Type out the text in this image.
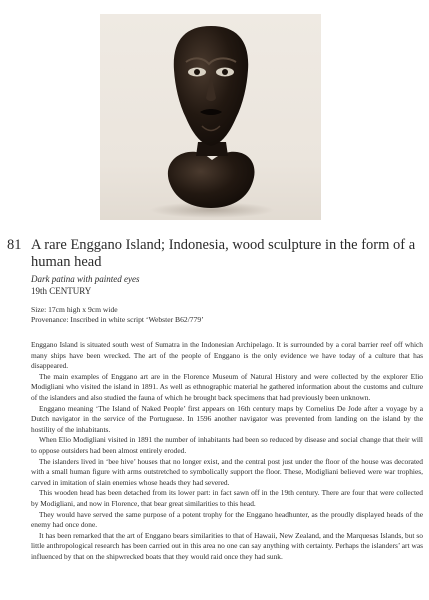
81 A rare Enggano Island; Indonesia, wood sculpture in the form of a
human head
Dark patina with painted eyes
19th CENTURY
Size: 17cm high x 9cm wide
Provenance: Inscribed in white script ‘Webster B62/779’

Enggano Island is situated south west of Sumatra in the Indonesian Archipelago. It is surrounded by a coral barrier reef off which many ships have been wrecked. The art of the people of Enggano is the only evidence we have today of a culture that has disappeared.

The main examples of Enggano art are in the Florence Museum of Natural History and were collected by the explorer Elio Modigliani who visited the island in 1891. As well as ethnographic material he gathered information about the customs and culture of the islanders and also studied the fauna of which he brought back specimens that had previously been unknown.

Enggano meaning ‘The Island of Naked People’ first appears on 16th century maps by Cornelius De Jode after a voyage by a Dutch navigator in the service of the Portuguese. In 1596 another navigator was prevented from landing on the island by the hostility of the inhabitants.

When Elio Modigliani visited in 1891 the number of inhabitants had been so reduced by disease and social change that their will to oppose outsiders had been almost entirely eroded.

The islanders lived in ‘bee hive’ houses that no longer exist, and the central post just under the floor of the house was decorated with a small human figure with arms outstretched to symbolically support the floor. These, Modigliani believed were war trophies, carved in imitation of slain enemies whose heads they had severed.

This wooden head has been detached from its lower part: in fact sawn off in the 19th century. There are four that were collected by Modigliani, and now in Florence, that bear great similarities to this head.

They would have served the same purpose of a potent trophy for the Enggano headhunter, as the proudly displayed heads of the enemy had once done.

It has been remarked that the art of Enggano bears similarities to that of Hawaii, New Zealand, and the Marquesas Islands, but so little anthropological research has been carried out in this area no one can say anything with certainty. Perhaps the islanders’ art was influenced by that on the shipwrecked boats that they would raid once they had sunk.
